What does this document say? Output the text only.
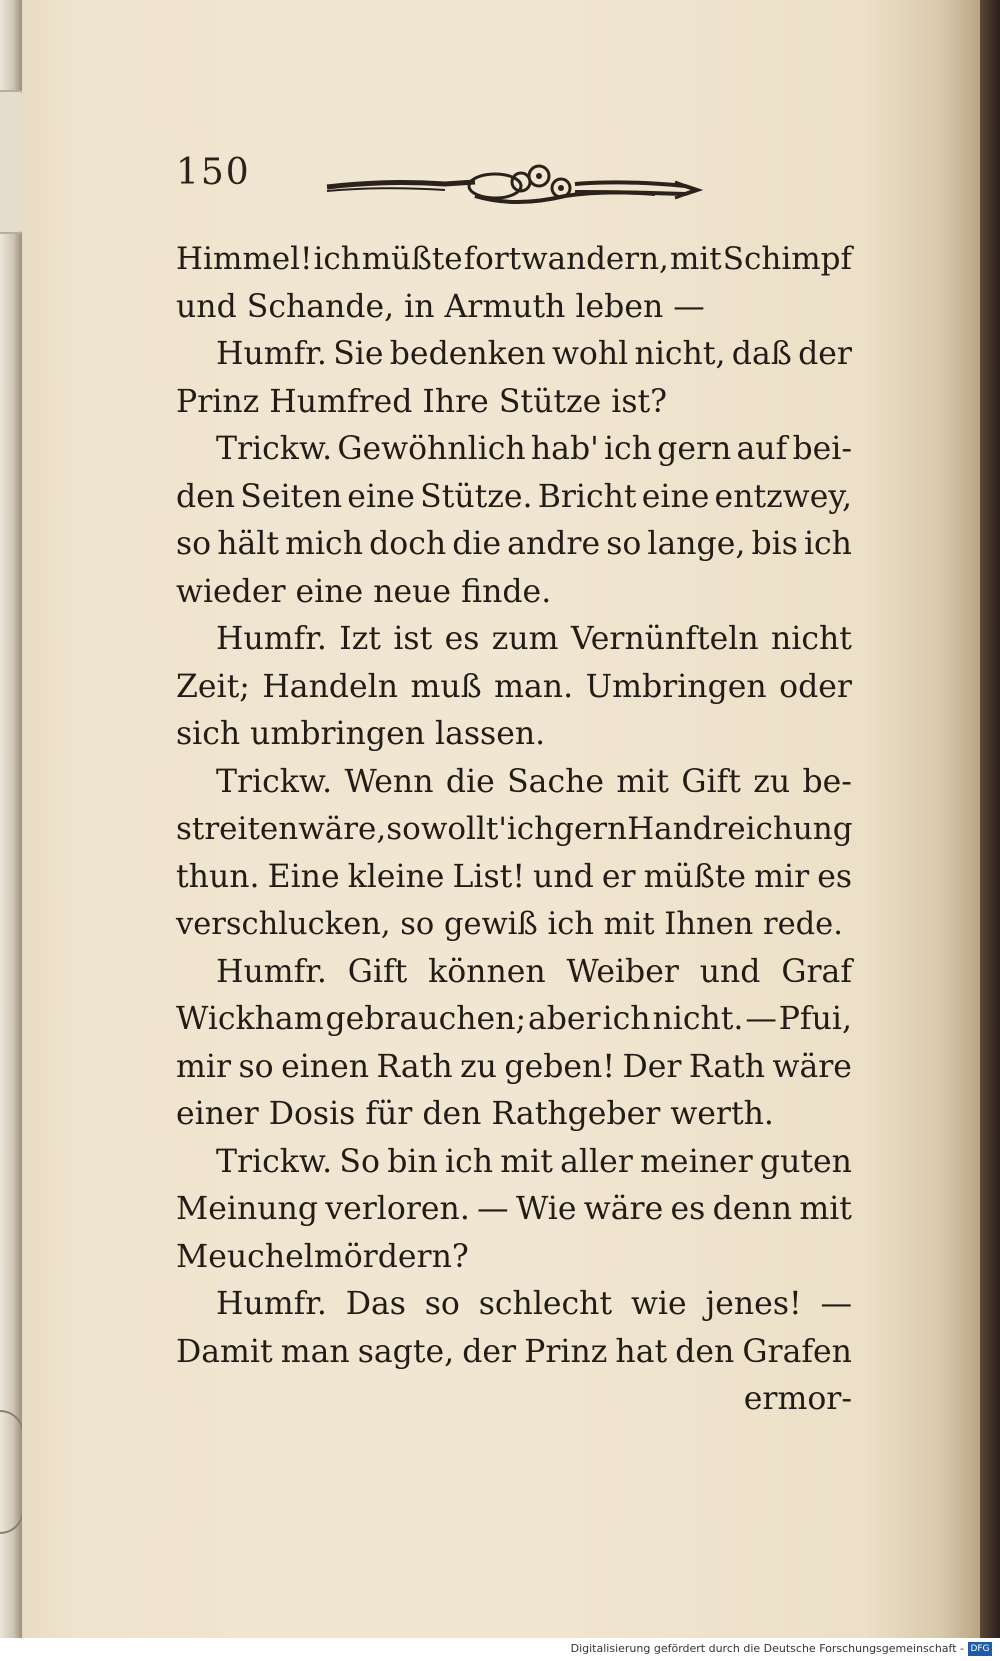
150
Himmel! ich müßte fortwandern, mit Schimpf
und Schande, in Armuth leben —
Humfr. Sie bedenken wohl nicht, daß der
Prinz Humfred Ihre Stütze ist?
Trickw. Gewöhnlich hab' ich gern auf bei-
den Seiten eine Stütze. Bricht eine entzwey,
so hält mich doch die andre so lange, bis ich
wieder eine neue finde.
Humfr. Izt ist es zum Vernünfteln nicht
Zeit; Handeln muß man. Umbringen oder
sich umbringen lassen.
Trickw. Wenn die Sache mit Gift zu be-
streiten wäre, so wollt' ich gern Handreichung
thun. Eine kleine List! und er müßte mir es
verschlucken, so gewiß ich mit Ihnen rede.
Humfr. Gift können Weiber und Graf
Wickham gebrauchen; aber ich nicht. — Pfui,
mir so einen Rath zu geben! Der Rath wäre
einer Dosis für den Rathgeber werth.
Trickw. So bin ich mit aller meiner guten
Meinung verloren. — Wie wäre es denn mit
Meuchelmördern?
Humfr. Das so schlecht wie jenes! —
Damit man sagte, der Prinz hat den Grafen
ermor-
Digitalisierung gefördert durch die Deutsche Forschungsgemeinschaft - DFG
